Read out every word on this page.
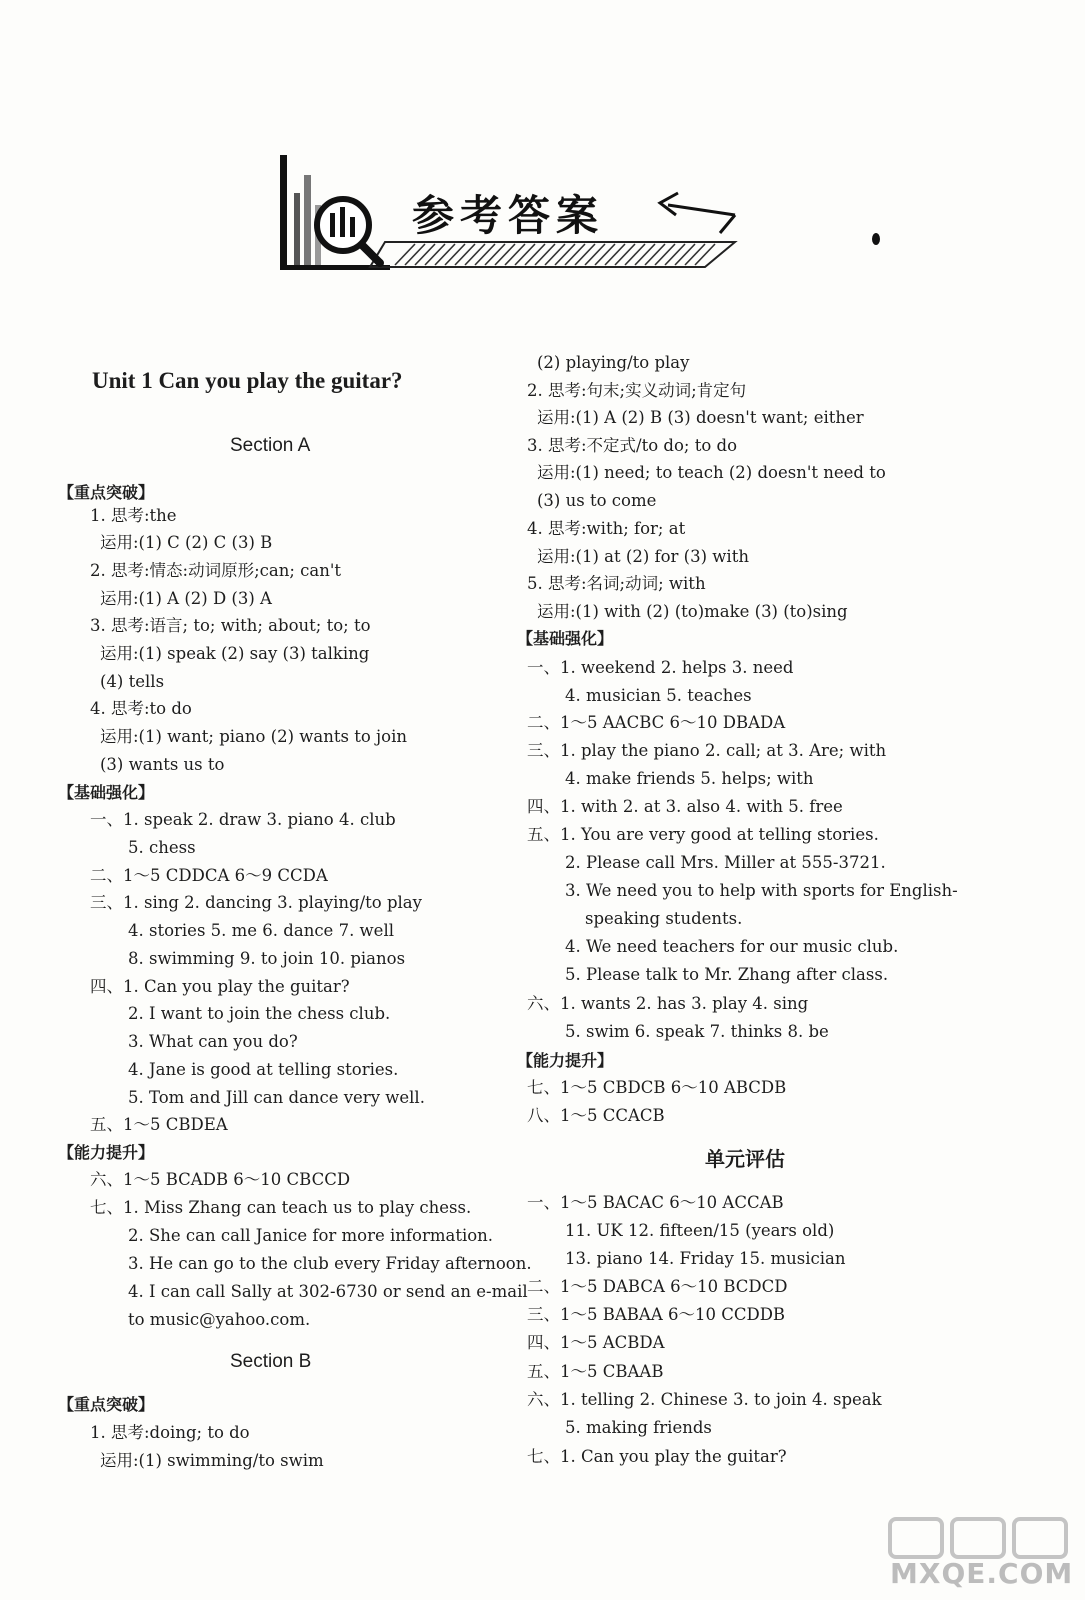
参考答案
Unit 1 Can you play the guitar?
Section A
【重点突破】
1. 思考:the
运用:(1) C (2) C (3) B
2. 思考:情态:动词原形;can; can't
运用:(1) A (2) D (3) A
3. 思考:语言; to; with; about; to; to
运用:(1) speak (2) say (3) talking
(4) tells
4. 思考:to do
运用:(1) want; piano (2) wants to join
(3) wants us to
【基础强化】
一、1. speak 2. draw 3. piano 4. club
5. chess
二、1～5 CDDCA 6～9 CCDA
三、1. sing 2. dancing 3. playing/to play
4. stories 5. me 6. dance 7. well
8. swimming 9. to join 10. pianos
四、1. Can you play the guitar?
2. I want to join the chess club.
3. What can you do?
4. Jane is good at telling stories.
5. Tom and Jill can dance very well.
五、1～5 CBDEA
【能力提升】
六、1～5 BCADB 6～10 CBCCD
七、1. Miss Zhang can teach us to play chess.
2. She can call Janice for more information.
3. He can go to the club every Friday afternoon.
4. I can call Sally at 302-6730 or send an e-mail
to music@yahoo.com.
Section B
【重点突破】
1. 思考:doing; to do
运用:(1) swimming/to swim
(2) playing/to play
2. 思考:句末;实义动词;肯定句
运用:(1) A (2) B (3) doesn't want; either
3. 思考:不定式/to do; to do
运用:(1) need; to teach (2) doesn't need to
(3) us to come
4. 思考:with; for; at
运用:(1) at (2) for (3) with
5. 思考:名词;动词; with
运用:(1) with (2) (to)make (3) (to)sing
【基础强化】
一、1. weekend 2. helps 3. need
4. musician 5. teaches
二、1～5 AACBC 6～10 DBADA
三、1. play the piano 2. call; at 3. Are; with
4. make friends 5. helps; with
四、1. with 2. at 3. also 4. with 5. free
五、1. You are very good at telling stories.
2. Please call Mrs. Miller at 555-3721.
3. We need you to help with sports for English-
speaking students.
4. We need teachers for our music club.
5. Please talk to Mr. Zhang after class.
六、1. wants 2. has 3. play 4. sing
5. swim 6. speak 7. thinks 8. be
【能力提升】
七、1～5 CBDCB 6～10 ABCDB
八、1～5 CCACB
单元评估
一、1～5 BACAC 6～10 ACCAB
11. UK 12. fifteen/15 (years old)
13. piano 14. Friday 15. musician
二、1～5 DABCA 6～10 BCDCD
三、1～5 BABAA 6～10 CCDDB
四、1～5 ACBDA
五、1～5 CBAAB
六、1. telling 2. Chinese 3. to join 4. speak
5. making friends
七、1. Can you play the guitar?
MXQE.COM
